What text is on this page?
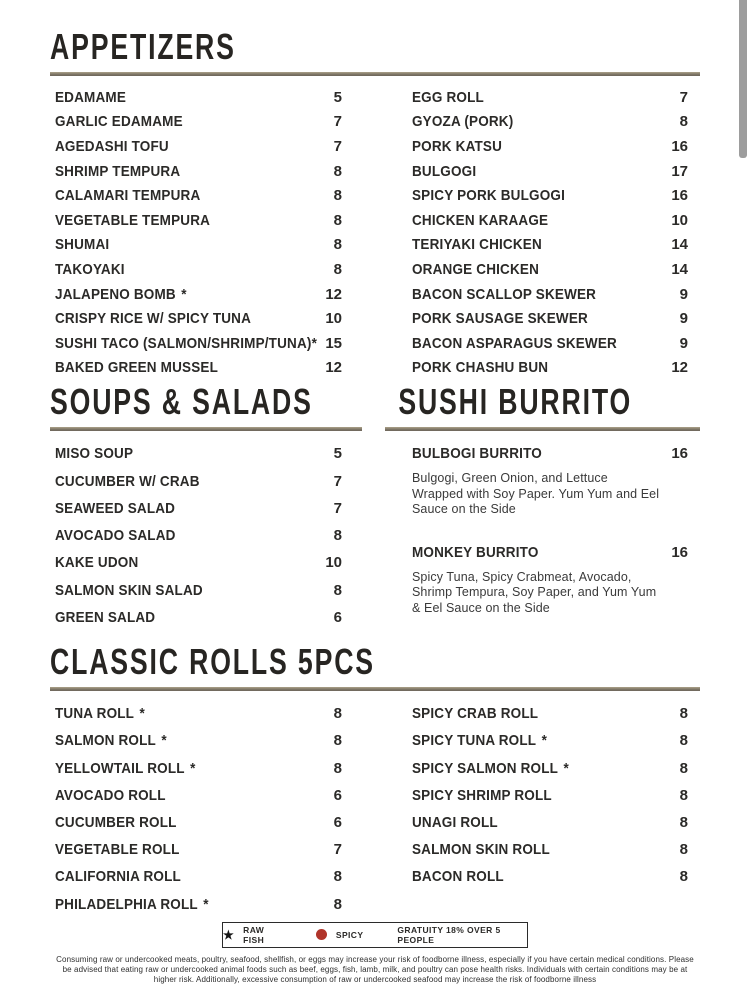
APPETIZERS
EDAMAME	5
GARLIC EDAMAME	7
AGEDASHI TOFU	7
SHRIMP TEMPURA	8
CALAMARI TEMPURA	8
VEGETABLE TEMPURA	8
SHUMAI	8
TAKOYAKI	8
JALAPENO BOMB *	12
CRISPY RICE W/ SPICY TUNA	10
SUSHI TACO (SALMON/SHRIMP/TUNA)* 15
BAKED GREEN MUSSEL	12
EGG ROLL	7
GYOZA (PORK)	8
PORK KATSU	16
BULGOGI	17
SPICY PORK BULGOGI	16
CHICKEN KARAAGE	10
TERIYAKI CHICKEN	14
ORANGE CHICKEN	14
BACON SCALLOP SKEWER	9
PORK SAUSAGE SKEWER	9
BACON ASPARAGUS SKEWER	9
PORK CHASHU BUN	12
SOUPS & SALADS
MISO SOUP	5
CUCUMBER W/ CRAB	7
SEAWEED SALAD	7
AVOCADO SALAD	8
KAKE UDON	10
SALMON SKIN SALAD	8
GREEN SALAD	6
SUSHI BURRITO
BULBOGI BURRITO	16

Bulgogi, Green Onion, and Lettuce Wrapped with Soy Paper. Yum Yum and Eel Sauce on the Side

MONKEY BURRITO	16

Spicy Tuna, Spicy Crabmeat, Avocado, Shrimp Tempura, Soy Paper, and Yum Yum & Eel Sauce on the Side

CLASSIC ROLLS 5PCS
TUNA ROLL *	8
SALMON ROLL *	8
YELLOWTAIL ROLL *	8
AVOCADO ROLL	6
CUCUMBER ROLL	6
VEGETABLE ROLL	7
CALIFORNIA ROLL	8
PHILADELPHIA ROLL *	8
SPICY CRAB ROLL	8
SPICY TUNA ROLL *	8
SPICY SALMON ROLL *	8
SPICY SHRIMP ROLL	8
UNAGI ROLL	8
SALMON SKIN ROLL	8
BACON ROLL	8
★ RAW FISH	SPICY	GRATUITY 18% OVER 5 PEOPLE

Consuming raw or undercooked meats, poultry, seafood, shellfish, or eggs may increase your risk of foodborne illness, especially if you have certain medical conditions. Please be advised that eating raw or undercooked animal foods such as beef, eggs, fish, lamb, milk, and poultry can pose health risks. Individuals with certain conditions may be at higher risk. Additionally, excessive consumption of raw or undercooked seafood may increase the risk of foodborne illness
